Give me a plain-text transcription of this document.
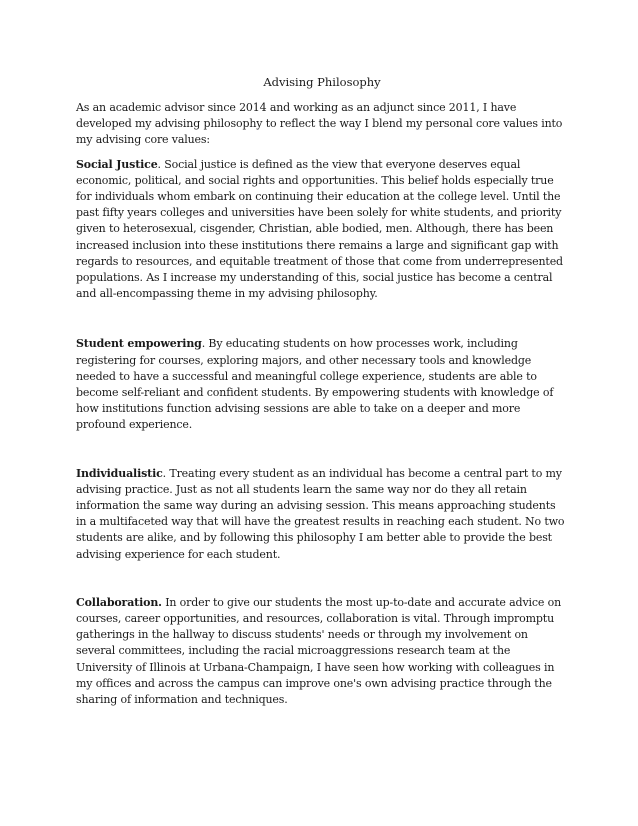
Advising Philosophy

As an academic advisor since 2014 and working as an adjunct since 2011, I have developed my advising philosophy to reflect the way I blend my personal core values into my advising core values:

Social Justice. Social justice is defined as the view that everyone deserves equal economic, political, and social rights and opportunities. This belief holds especially true for individuals whom embark on continuing their education at the college level. Until the past fifty years colleges and universities have been solely for white students, and priority given to heterosexual, cisgender, Christian, able bodied, men. Although, there has been increased inclusion into these institutions there remains a large and significant gap with regards to resources, and equitable treatment of those that come from underrepresented populations. As I increase my understanding of this, social justice has become a central and all-encompassing theme in my advising philosophy.

Student empowering. By educating students on how processes work, including registering for courses, exploring majors, and other necessary tools and knowledge needed to have a successful and meaningful college experience, students are able to become self-reliant and confident students. By empowering students with knowledge of how institutions function advising sessions are able to take on a deeper and more profound experience.

Individualistic. Treating every student as an individual has become a central part to my advising practice. Just as not all students learn the same way nor do they all retain information the same way during an advising session. This means approaching students in a multifaceted way that will have the greatest results in reaching each student. No two students are alike, and by following this philosophy I am better able to provide the best advising experience for each student.

Collaboration. In order to give our students the most up-to-date and accurate advice on courses, career opportunities, and resources, collaboration is vital. Through impromptu gatherings in the hallway to discuss students' needs or through my involvement on several committees, including the racial microaggressions research team at the University of Illinois at Urbana-Champaign, I have seen how working with colleagues in my offices and across the campus can improve one's own advising practice through the sharing of information and techniques.
